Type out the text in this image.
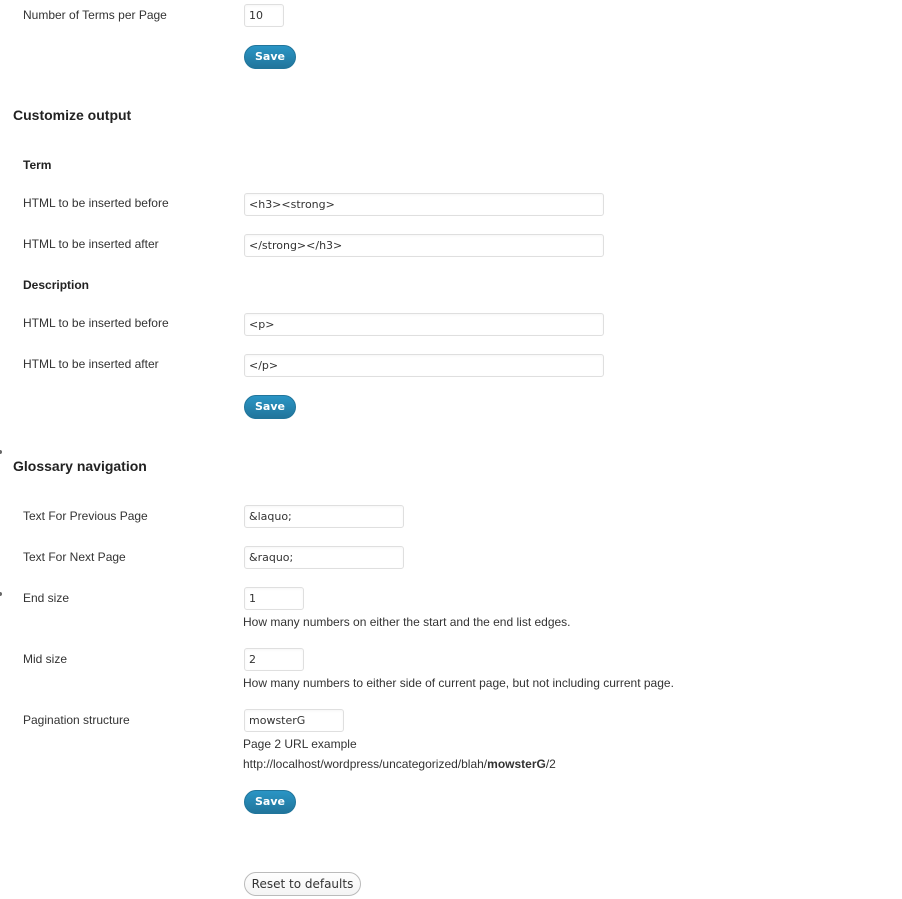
Number of Terms per Page
10
Save
Customize output
Term
HTML to be inserted before
<h3><strong>
HTML to be inserted after
</strong></h3>
Description
HTML to be inserted before
<p>
HTML to be inserted after
</p>
Save
Glossary navigation
Text For Previous Page
&laquo;
Text For Next Page
&raquo;
End size
1
How many numbers on either the start and the end list edges.
Mid size
2
How many numbers to either side of current page, but not including current page.
Pagination structure
mowsterG
Page 2 URL example
http://localhost/wordpress/uncategorized/blah/mowsterG/2
Save
Reset to defaults
